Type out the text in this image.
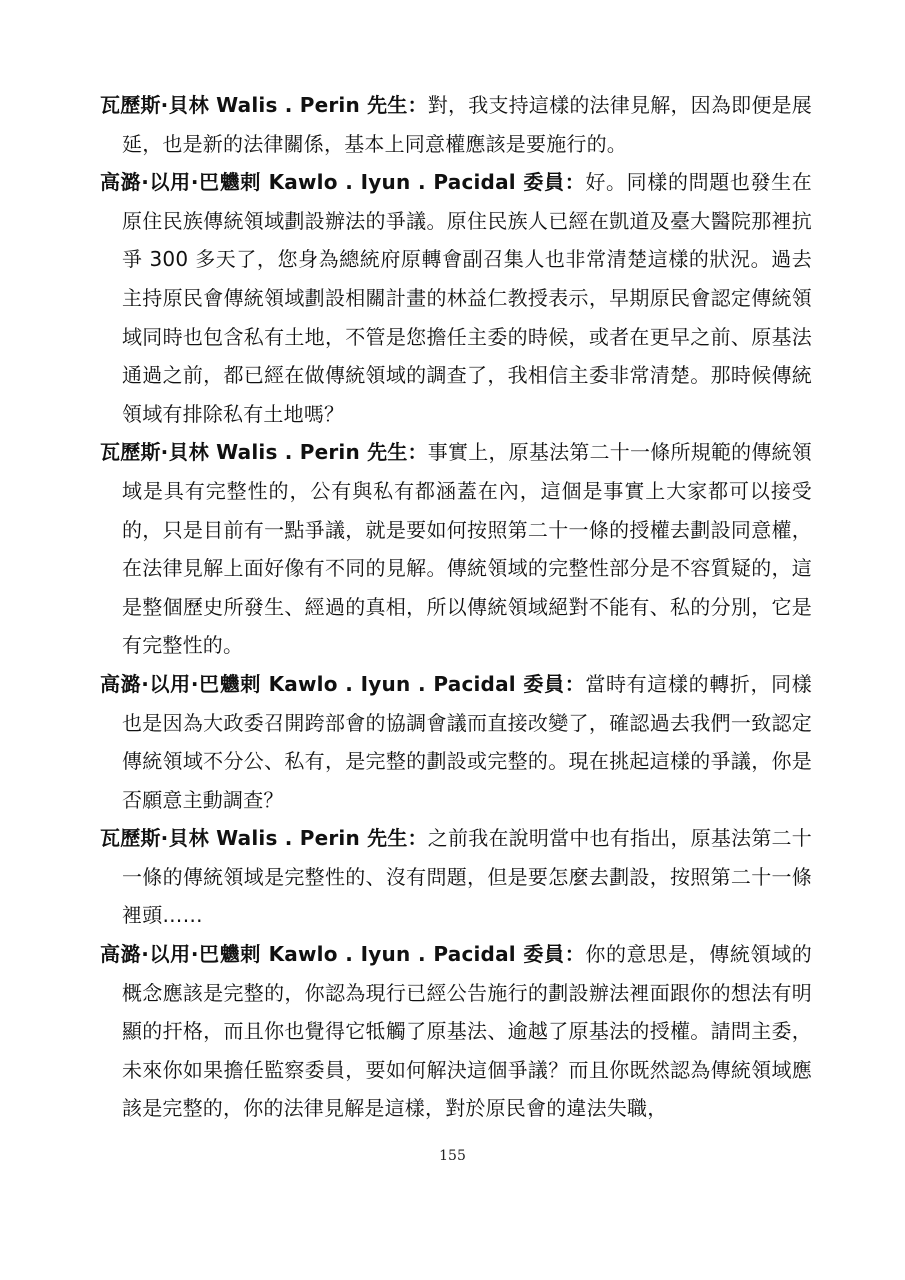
瓦歷斯·貝林 Walis . Perin 先生：對，我支持這樣的法律見解，因為即便是展延，也是新的法律關係，基本上同意權應該是要施行的。

高潞·以用·巴魕剌 Kawlo . Iyun . Pacidal 委員：好。同樣的問題也發生在原住民族傳統領域劃設辦法的爭議。原住民族人已經在凱道及臺大醫院那裡抗爭 300 多天了，您身為總統府原轉會副召集人也非常清楚這樣的狀況。過去主持原民會傳統領域劃設相關計畫的林益仁教授表示，早期原民會認定傳統領域同時也包含私有土地，不管是您擔任主委的時候，或者在更早之前、原基法通過之前，都已經在做傳統領域的調查了，我相信主委非常清楚。那時候傳統領域有排除私有土地嗎？

瓦歷斯·貝林 Walis . Perin 先生：事實上，原基法第二十一條所規範的傳統領域是具有完整性的，公有與私有都涵蓋在內，這個是事實上大家都可以接受的，只是目前有一點爭議，就是要如何按照第二十一條的授權去劃設同意權，在法律見解上面好像有不同的見解。傳統領域的完整性部分是不容質疑的，這是整個歷史所發生、經過的真相，所以傳統領域絕對不能有、私的分別，它是有完整性的。

高潞·以用·巴魕剌 Kawlo . Iyun . Pacidal 委員：當時有這樣的轉折，同樣也是因為大政委召開跨部會的協調會議而直接改變了，確認過去我們一致認定傳統領域不分公、私有，是完整的劃設或完整的。現在挑起這樣的爭議，你是否願意主動調查？

瓦歷斯·貝林 Walis . Perin 先生：之前我在說明當中也有指出，原基法第二十一條的傳統領域是完整性的、沒有問題，但是要怎麼去劃設，按照第二十一條裡頭……

高潞·以用·巴魕剌 Kawlo . Iyun . Pacidal 委員：你的意思是，傳統領域的概念應該是完整的，你認為現行已經公告施行的劃設辦法裡面跟你的想法有明顯的扞格，而且你也覺得它牴觸了原基法、逾越了原基法的授權。請問主委，未來你如果擔任監察委員，要如何解決這個爭議？而且你既然認為傳統領域應該是完整的，你的法律見解是這樣，對於原民會的違法失職，

155
